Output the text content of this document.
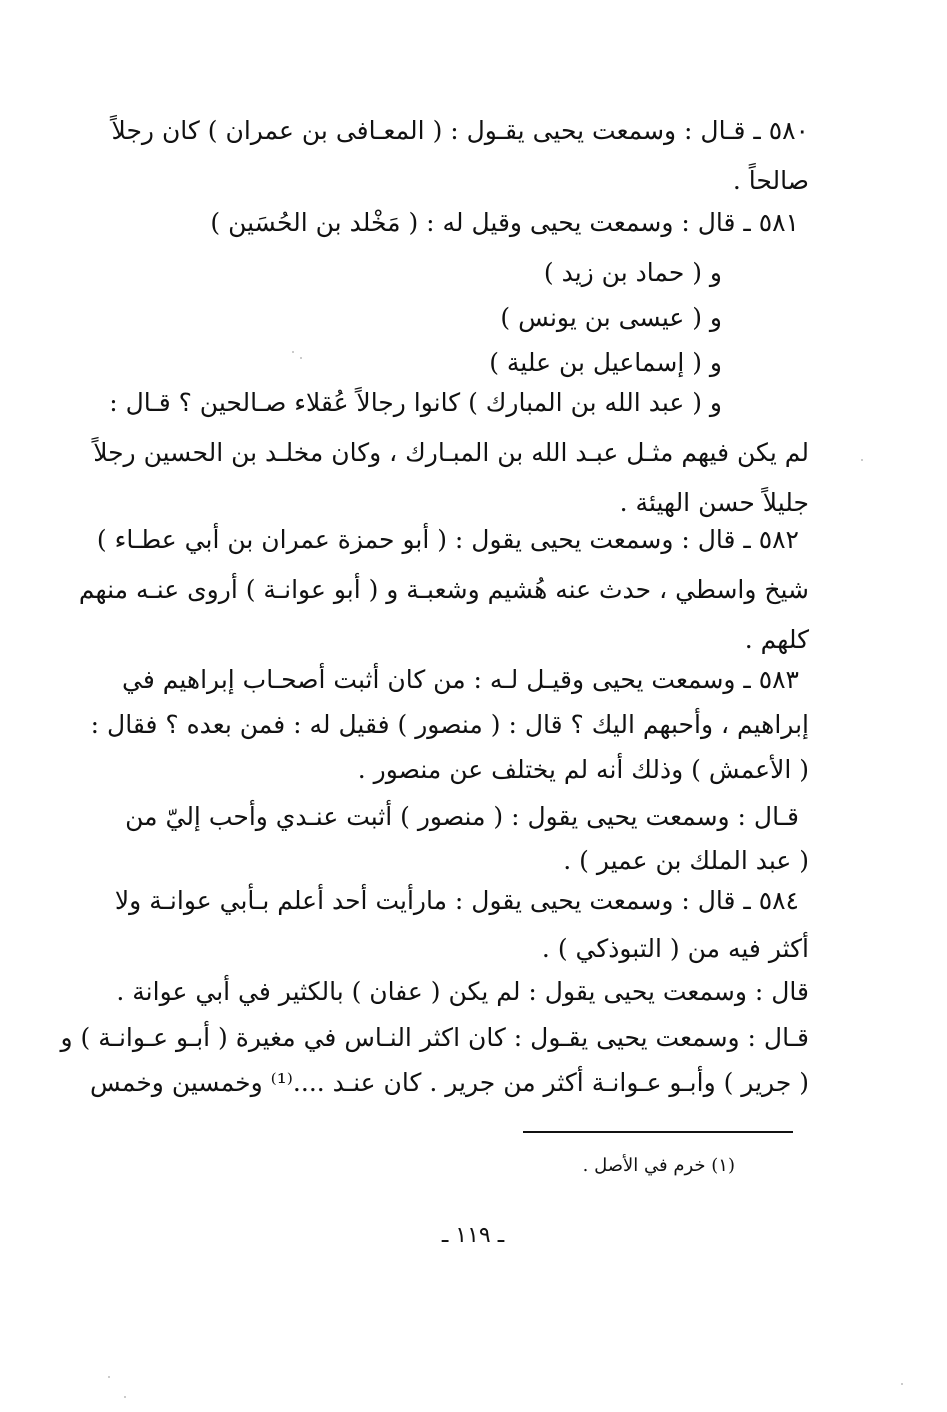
٥٨٠ ـ قـال : وسمعت يحيى يقـول : ( المعـافى بن عمران ) كان رجلاً
صالحاً .
٥٨١ ـ قال : وسمعت يحيى وقيل له : ( مَخْلد بن الحُسَين )
و ( حماد بن زيد )
و ( عيسى بن يونس )
و ( إسماعيل بن علية )
و ( عبد الله بن المبارك ) كانوا رجالاً عُقلاء صـالحين ؟ قـال :
لم يكن فيهم مثـل عبـد الله بن المبـارك ، وكان مخلـد بن الحسين رجلاً
جليلاً حسن الهيئة .
٥٨٢ ـ قال : وسمعت يحيى يقول : ( أبو حمزة عمران بن أبي عطـاء )
شيخ واسطي ، حدث عنه هُشيم وشعبـة و ( أبو عوانـة ) أروى عنـه منهم
كلهم .
٥٨٣ ـ وسمعت يحيى وقيـل لـه : من كان أثبت أصحـاب إبراهيم في
إبراهيم ، وأحبهم اليك ؟ قال : ( منصور ) فقيل له : فمن بعده ؟ فقال :
( الأعمش ) وذلك أنه لم يختلف عن منصور .
قـال : وسمعت يحيى يقول : ( منصور ) أثبت عنـدي وأحب إليّ من
( عبد الملك بن عمير ) .
٥٨٤ ـ قال : وسمعت يحيى يقول : مارأيت أحد أعلم بـأبي عوانـة ولا
أكثر فيه من ( التبوذكي ) .
قال : وسمعت يحيى يقول : لم يكن ( عفان ) بالكثير في أبي عوانة .
قـال : وسمعت يحيى يقـول : كان اكثر النـاس في مغيرة ( أبـو عـوانـة ) و
( جرير ) وأبـو عـوانـة أكثر من جرير . كان عنـد ....⁽¹⁾ وخمسين وخمس
(١) خرم في الأصل .
ـ ١١٩ ـ
